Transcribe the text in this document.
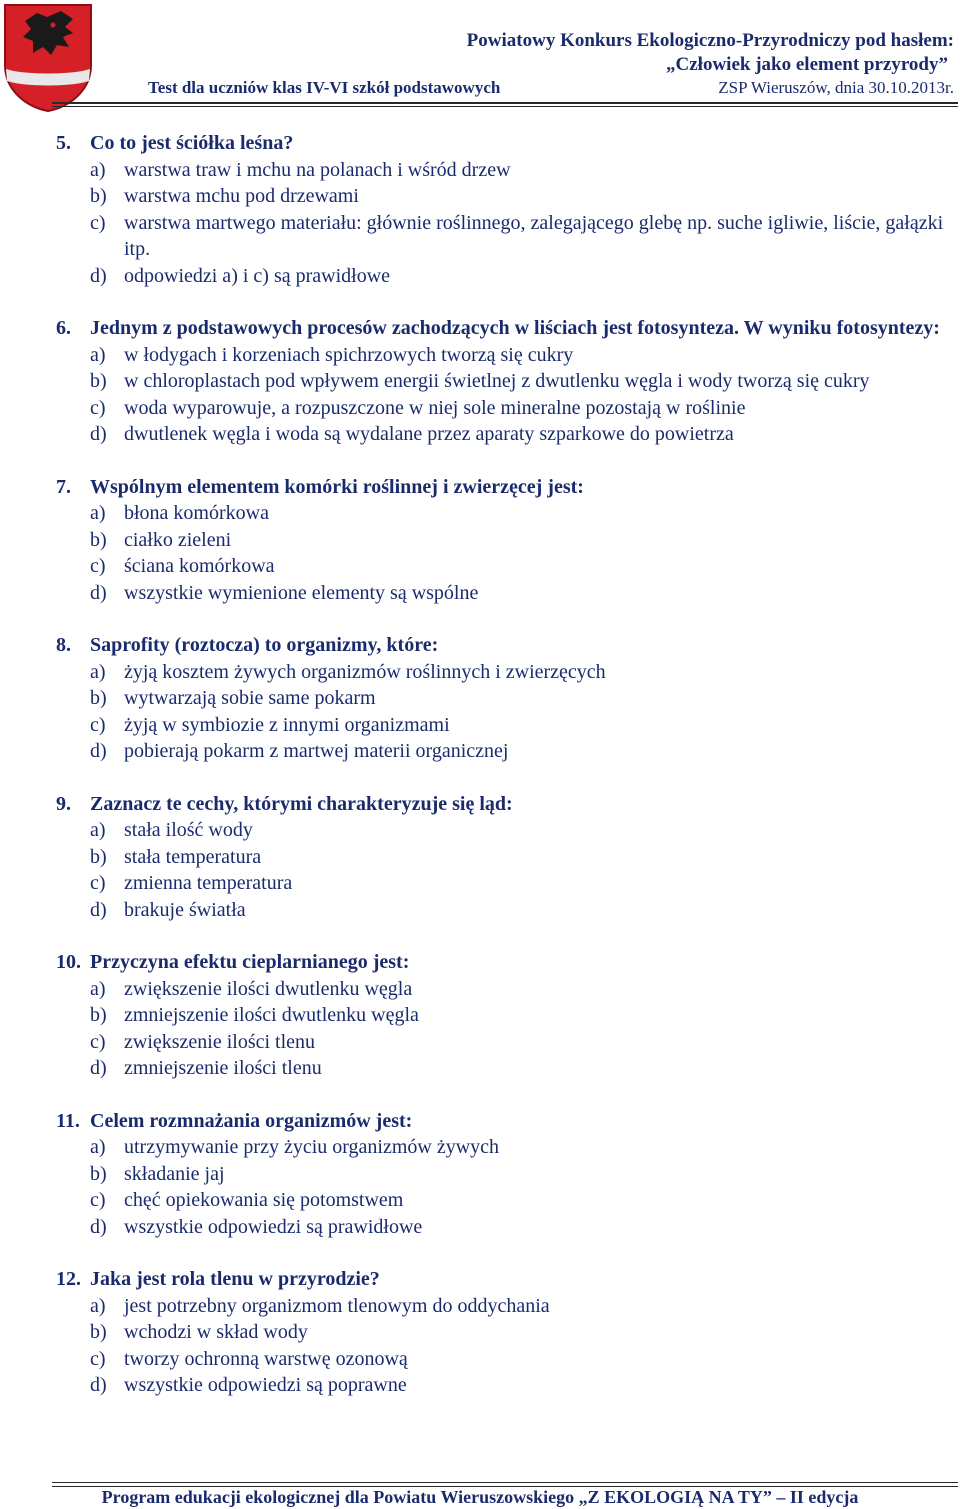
Powiatowy Konkurs Ekologiczno-Przyrodniczy pod hasłem:
„Człowiek jako element przyrody”
Test dla uczniów klas IV-VI szkół podstawowych	ZSP Wieruszów, dnia 30.10.2013r.
5. Co to jest ściółka leśna?
a) warstwa traw i mchu na polanach i wśród drzew
b) warstwa mchu pod drzewami
c) warstwa martwego materiału: głównie roślinnego, zalegającego glebę np. suche igliwie, liście, gałązki itp.
d) odpowiedzi a) i c) są prawidłowe
6. Jednym z podstawowych procesów zachodzących w liściach jest fotosynteza. W wyniku fotosyntezy:
a) w łodygach i korzeniach spichrzowych tworzą się cukry
b) w chloroplastach pod wpływem energii świetlnej z dwutlenku węgla i wody tworzą się cukry
c) woda wyparowuje, a rozpuszczone w niej sole mineralne pozostają w roślinie
d) dwutlenek węgla i woda są wydalane przez aparaty szparkowe do powietrza
7. Wspólnym elementem komórki roślinnej i zwierzęcej jest:
a) błona komórkowa
b) ciałko zieleni
c) ściana komórkowa
d) wszystkie wymienione elementy są wspólne
8. Saprofity (roztocza) to organizmy, które:
a) żyją kosztem żywych organizmów roślinnych i zwierzęcych
b) wytwarzają sobie same pokarm
c) żyją w symbiozie z innymi organizmami
d) pobierają pokarm z martwej materii organicznej
9. Zaznacz te cechy, którymi charakteryzuje się ląd:
a) stała ilość wody
b) stała temperatura
c) zmienna temperatura
d) brakuje światła
10. Przyczyna efektu cieplarnianego jest:
a) zwiększenie ilości dwutlenku węgla
b) zmniejszenie ilości dwutlenku węgla
c) zwiększenie ilości tlenu
d) zmniejszenie ilości tlenu
11. Celem rozmnażania organizmów jest:
a) utrzymywanie przy życiu organizmów żywych
b) składanie jaj
c) chęć opiekowania się potomstwem
d) wszystkie odpowiedzi są prawidłowe
12. Jaka jest rola tlenu w przyrodzie?
a) jest potrzebny organizmom tlenowym do oddychania
b) wchodzi w skład wody
c) tworzy ochronną warstwę ozonową
d) wszystkie odpowiedzi są poprawne
Program edukacji ekologicznej dla Powiatu Wieruszowskiego „Z EKOLOGIĄ NA TY” – II edycja
